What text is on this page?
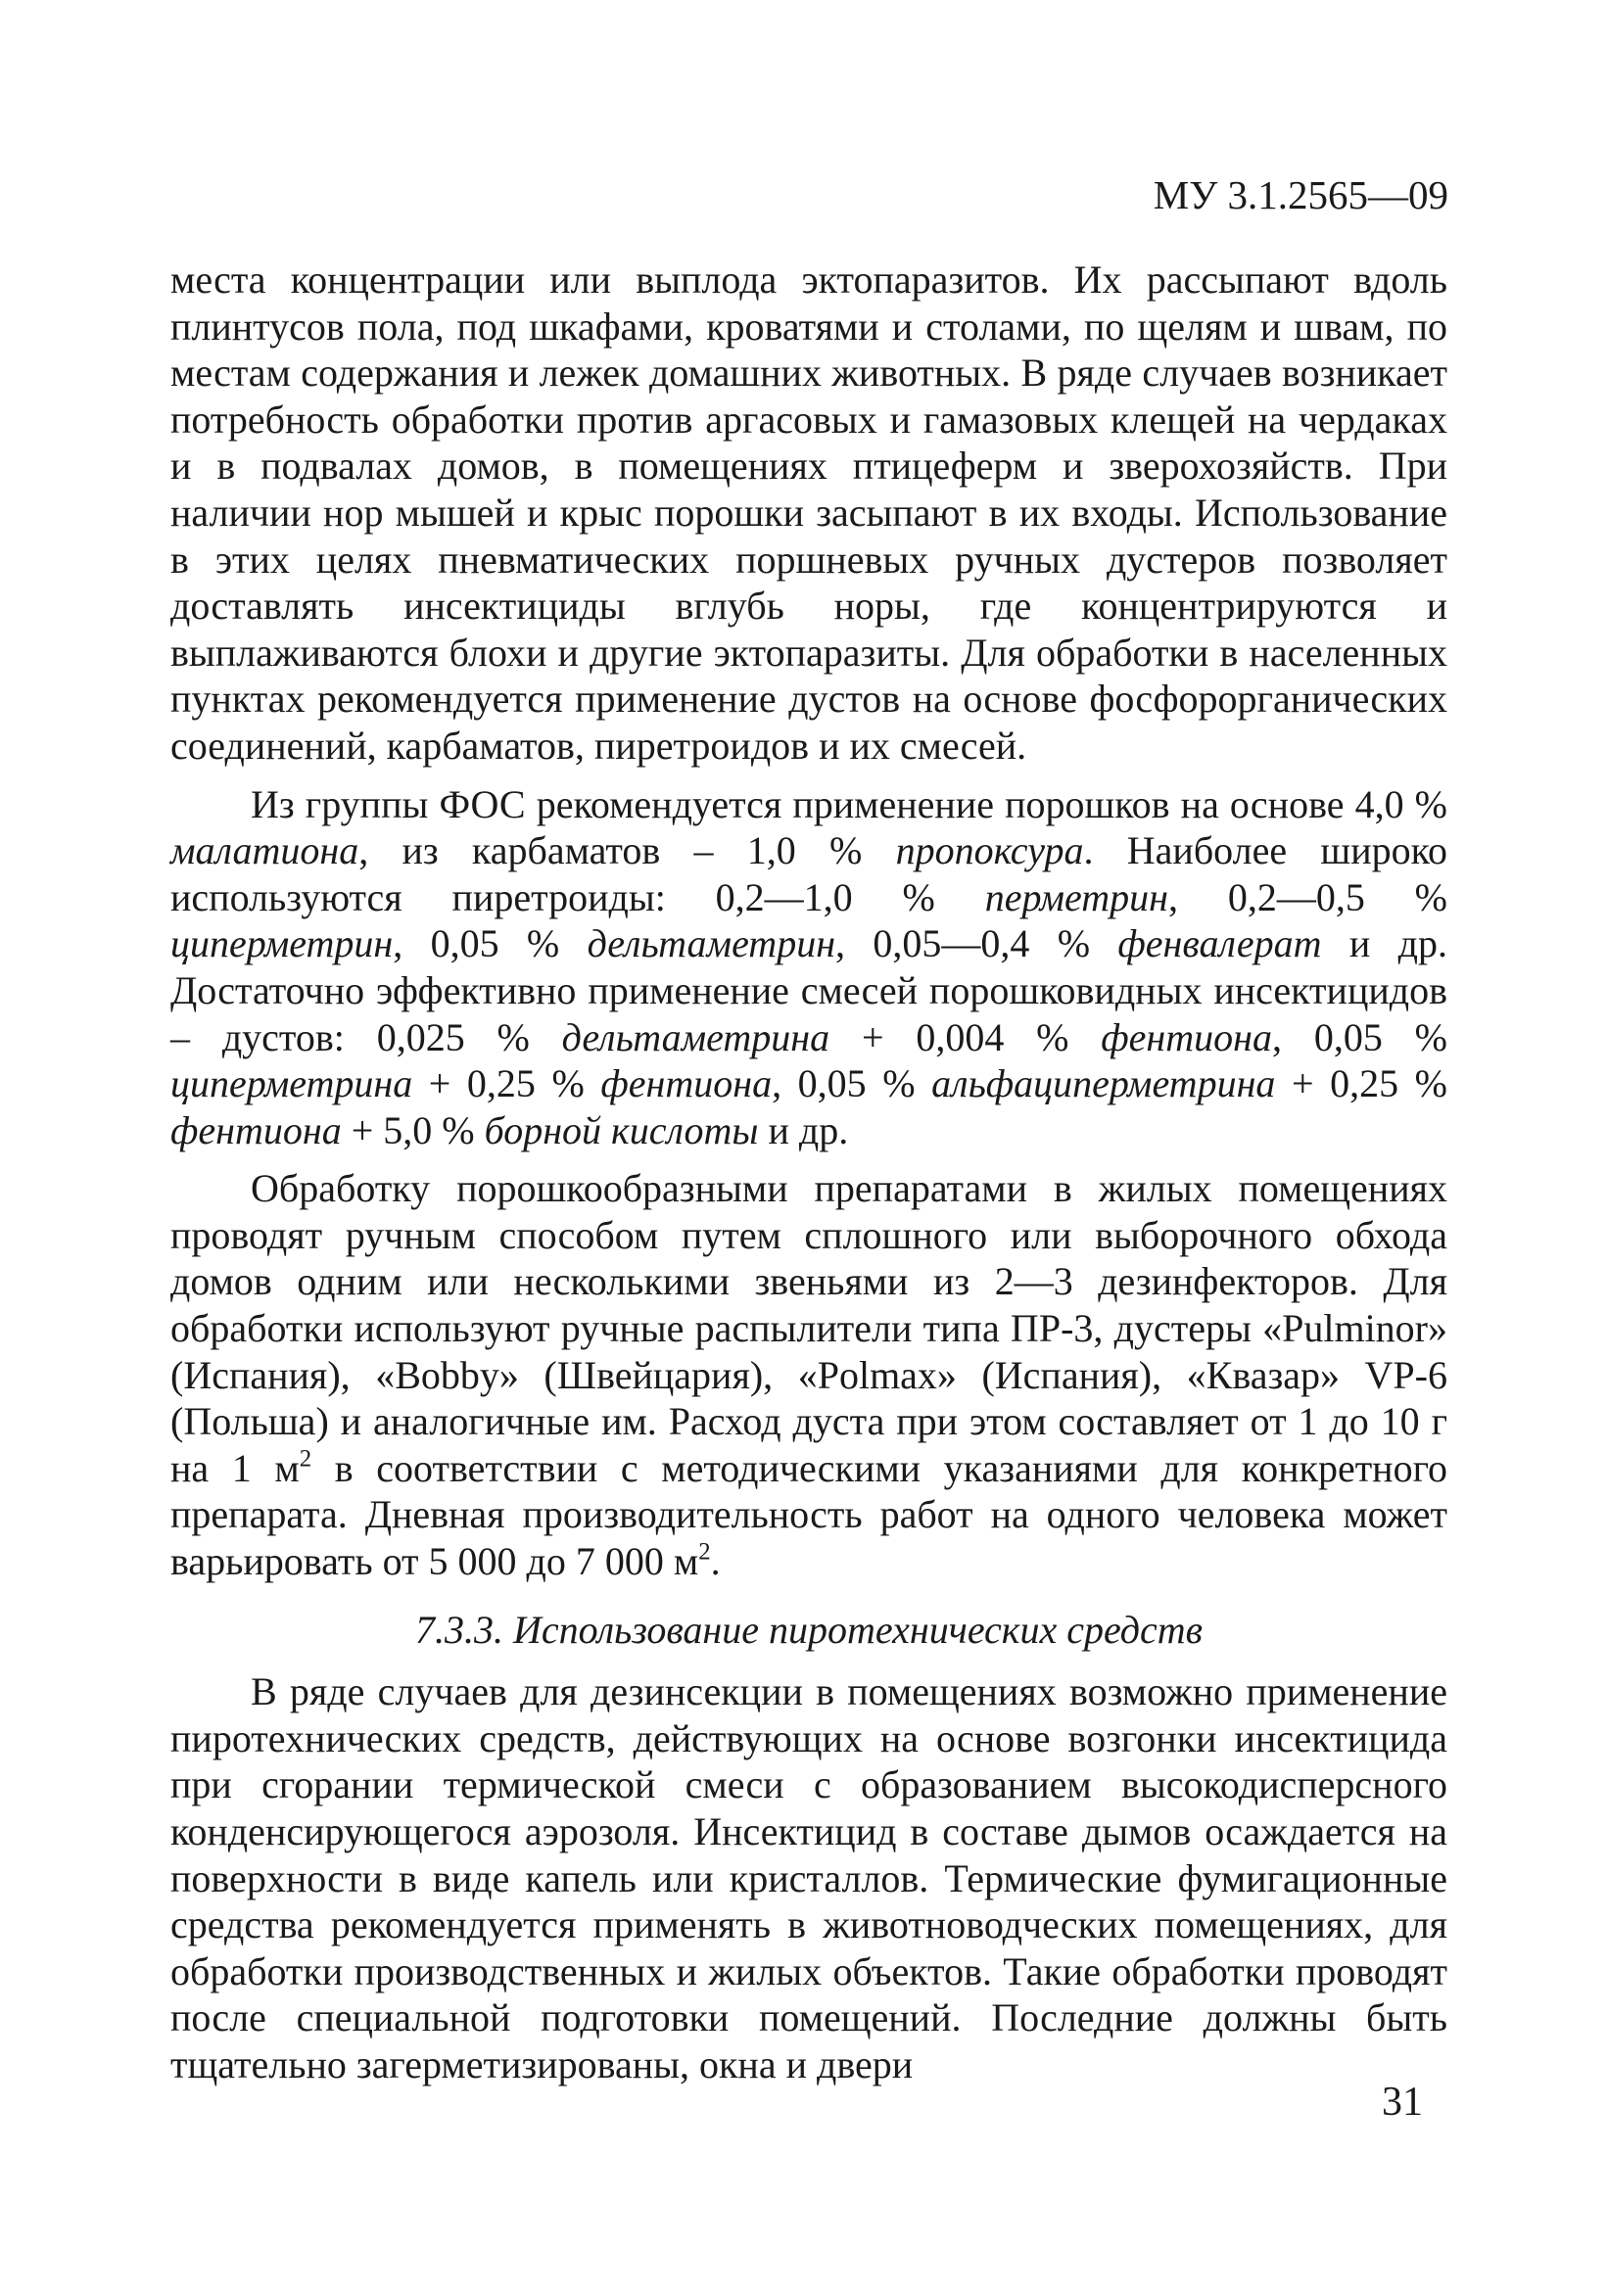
МУ 3.1.2565—09

места концентрации или выплода эктопаразитов. Их рассыпают вдоль плинтусов пола, под шкафами, кроватями и столами, по щелям и швам, по местам содержания и лежек домашних животных. В ряде случаев возникает потребность обработки против аргасовых и гамазовых клещей на чердаках и в подвалах домов, в помещениях птицеферм и зверохозяйств. При наличии нор мышей и крыс порошки засыпают в их входы. Использование в этих целях пневматических поршневых ручных дустеров позволяет доставлять инсектициды вглубь норы, где концентрируются и выплаживаются блохи и другие эктопаразиты. Для обработки в населенных пунктах рекомендуется применение дустов на основе фосфорорганических соединений, карбаматов, пиретроидов и их смесей.

Из группы ФОС рекомендуется применение порошков на основе 4,0 % малатиона, из карбаматов – 1,0 % пропоксура. Наиболее широко используются пиретроиды: 0,2—1,0 % перметрин, 0,2—0,5 % циперметрин, 0,05 % дельтаметрин, 0,05—0,4 % фенвалерат и др. Достаточно эффективно применение смесей порошковидных инсектицидов – дустов: 0,025 % дельтаметрина + 0,004 % фентиона, 0,05 % циперметрина + 0,25 % фентиона, 0,05 % альфациперметрина + 0,25 % фентиона + 5,0 % борной кислоты и др.

Обработку порошкообразными препаратами в жилых помещениях проводят ручным способом путем сплошного или выборочного обхода домов одним или несколькими звеньями из 2—3 дезинфекторов. Для обработки используют ручные распылители типа ПР-3, дустеры «Pulminor» (Испания), «Bobby» (Швейцария), «Polmax» (Испания), «Квазар» VP-6 (Польша) и аналогичные им. Расход дуста при этом составляет от 1 до 10 г на 1 $м^2$ в соответствии с методическими указаниями для конкретного препарата. Дневная производительность работ на одного человека может варьировать от 5 000 до 7 000 $м^2$.

7.3.3. Использование пиротехнических средств

В ряде случаев для дезинсекции в помещениях возможно применение пиротехнических средств, действующих на основе возгонки инсектицида при сгорании термической смеси с образованием высокодисперсного конденсирующегося аэрозоля. Инсектицид в составе дымов осаждается на поверхности в виде капель или кристаллов. Термические фумигационные средства рекомендуется применять в животноводческих помещениях, для обработки производственных и жилых объектов. Такие обработки проводят после специальной подготовки помещений. Последние должны быть тщательно загерметизированы, окна и двери

31
